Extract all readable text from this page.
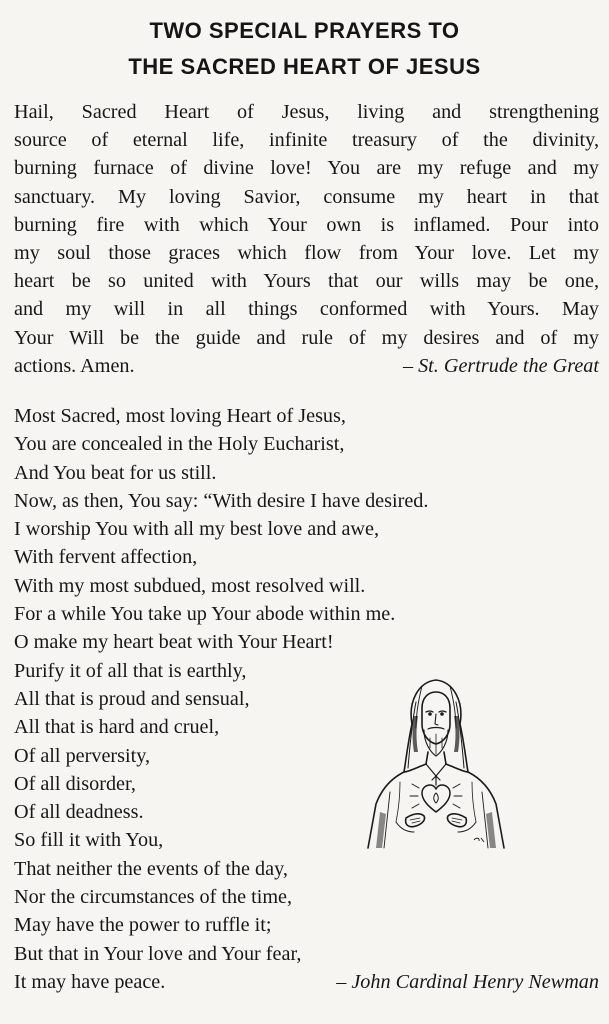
TWO SPECIAL PRAYERS TO
THE SACRED HEART OF JESUS
Hail, Sacred Heart of Jesus, living and strengthening
source of eternal life, infinite treasury of the divinity,
burning furnace of divine love! You are my refuge and my
sanctuary. My loving Savior, consume my heart in that
burning fire with which Your own is inflamed. Pour into
my soul those graces which flow from Your love. Let my
heart be so united with Yours that our wills may be one,
and my will in all things conformed with Yours. May
Your Will be the guide and rule of my desires and of my
actions. Amen.	– St. Gertrude the Great
Most Sacred, most loving Heart of Jesus,
You are concealed in the Holy Eucharist,
And You beat for us still.
Now, as then, You say: “With desire I have desired.
I worship You with all my best love and awe,
With fervent affection,
With my most subdued, most resolved will.
For a while You take up Your abode within me.
O make my heart beat with Your Heart!
Purify it of all that is earthly,
All that is proud and sensual,
All that is hard and cruel,
Of all perversity,
Of all disorder,
Of all deadness.
So fill it with You,
That neither the events of the day,
Nor the circumstances of the time,
May have the power to ruffle it;
But that in Your love and Your fear,
It may have peace.	– John Cardinal Henry Newman
